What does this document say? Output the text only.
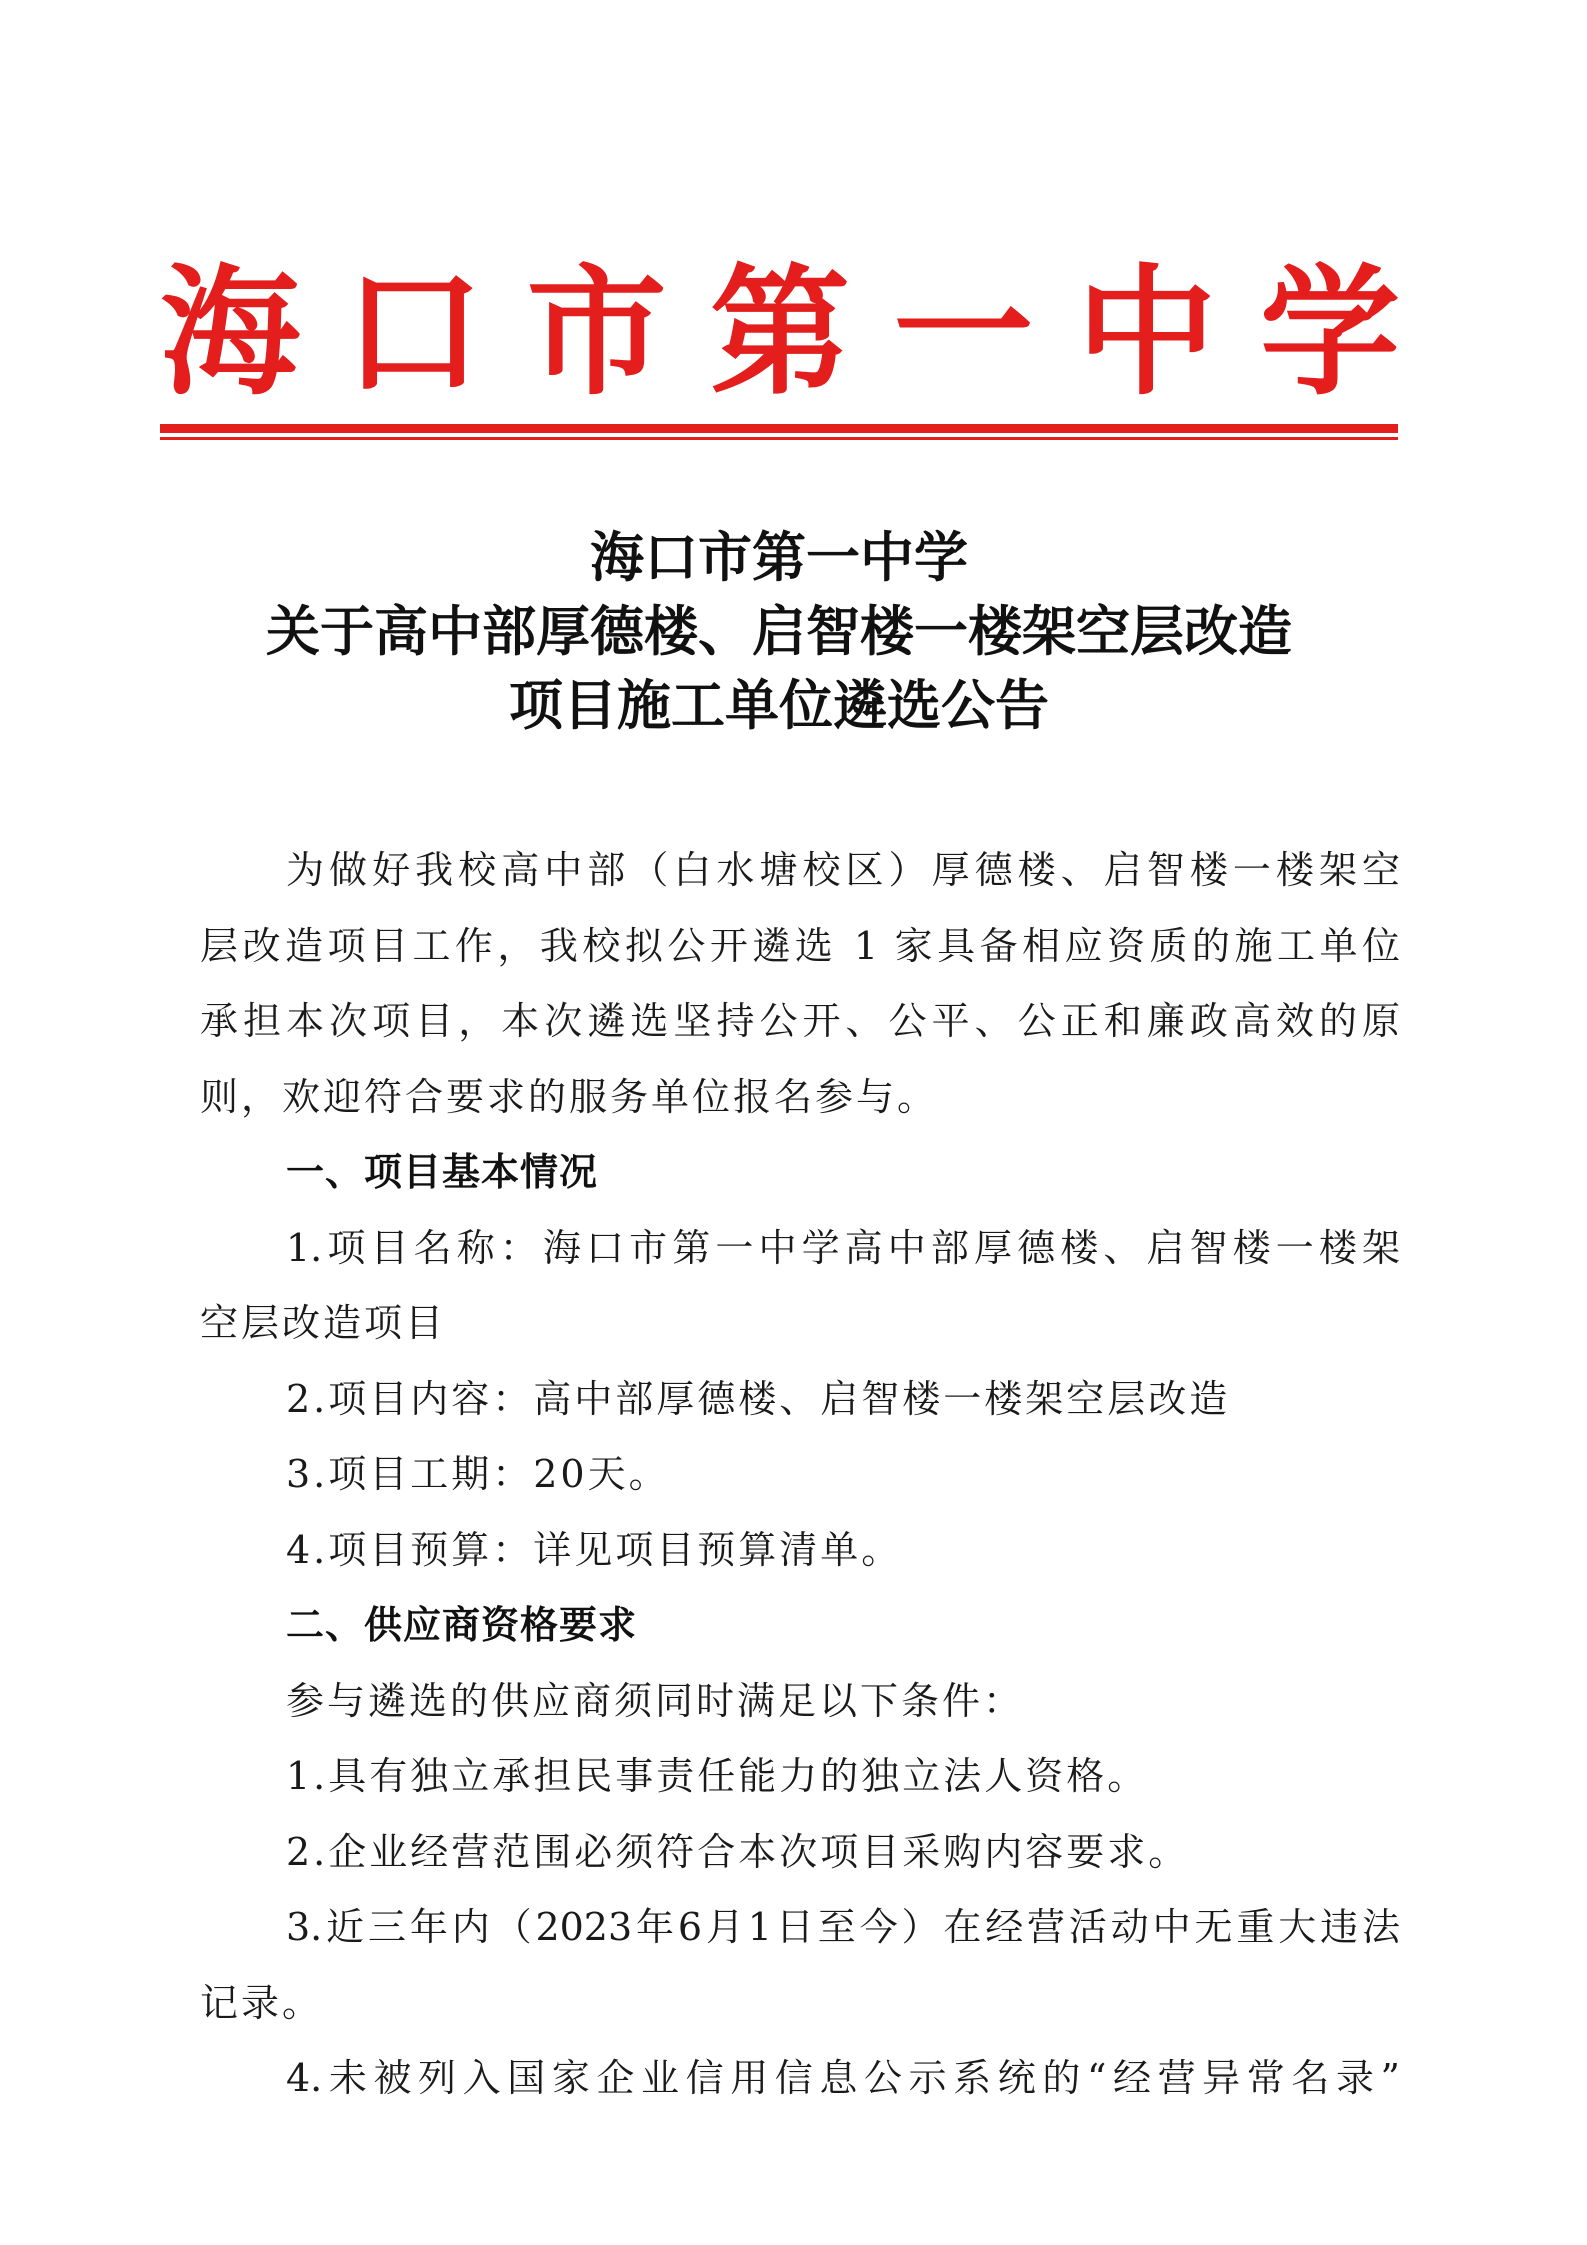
海 口 市 第 一 中 学
海口市第一中学
关于高中部厚德楼、启智楼一楼架空层改造
项目施工单位遴选公告
为做好我校高中部（白水塘校区）厚德楼、启智楼一楼架空
层改造项目工作，我校拟公开遴选 1 家具备相应资质的施工单位
承担本次项目，本次遴选坚持公开、公平、公正和廉政高效的原
则，欢迎符合要求的服务单位报名参与。
一、项目基本情况
1.项目名称：海口市第一中学高中部厚德楼、启智楼一楼架
空层改造项目
2.项目内容：高中部厚德楼、启智楼一楼架空层改造
3.项目工期：20天。
4.项目预算：详见项目预算清单。
二、供应商资格要求
参与遴选的供应商须同时满足以下条件：
1.具有独立承担民事责任能力的独立法人资格。
2.企业经营范围必须符合本次项目采购内容要求。
3.近三年内（2023年6月1日至今）在经营活动中无重大违法
记录。
4.未被列入国家企业信用信息公示系统的“经营异常名录”
